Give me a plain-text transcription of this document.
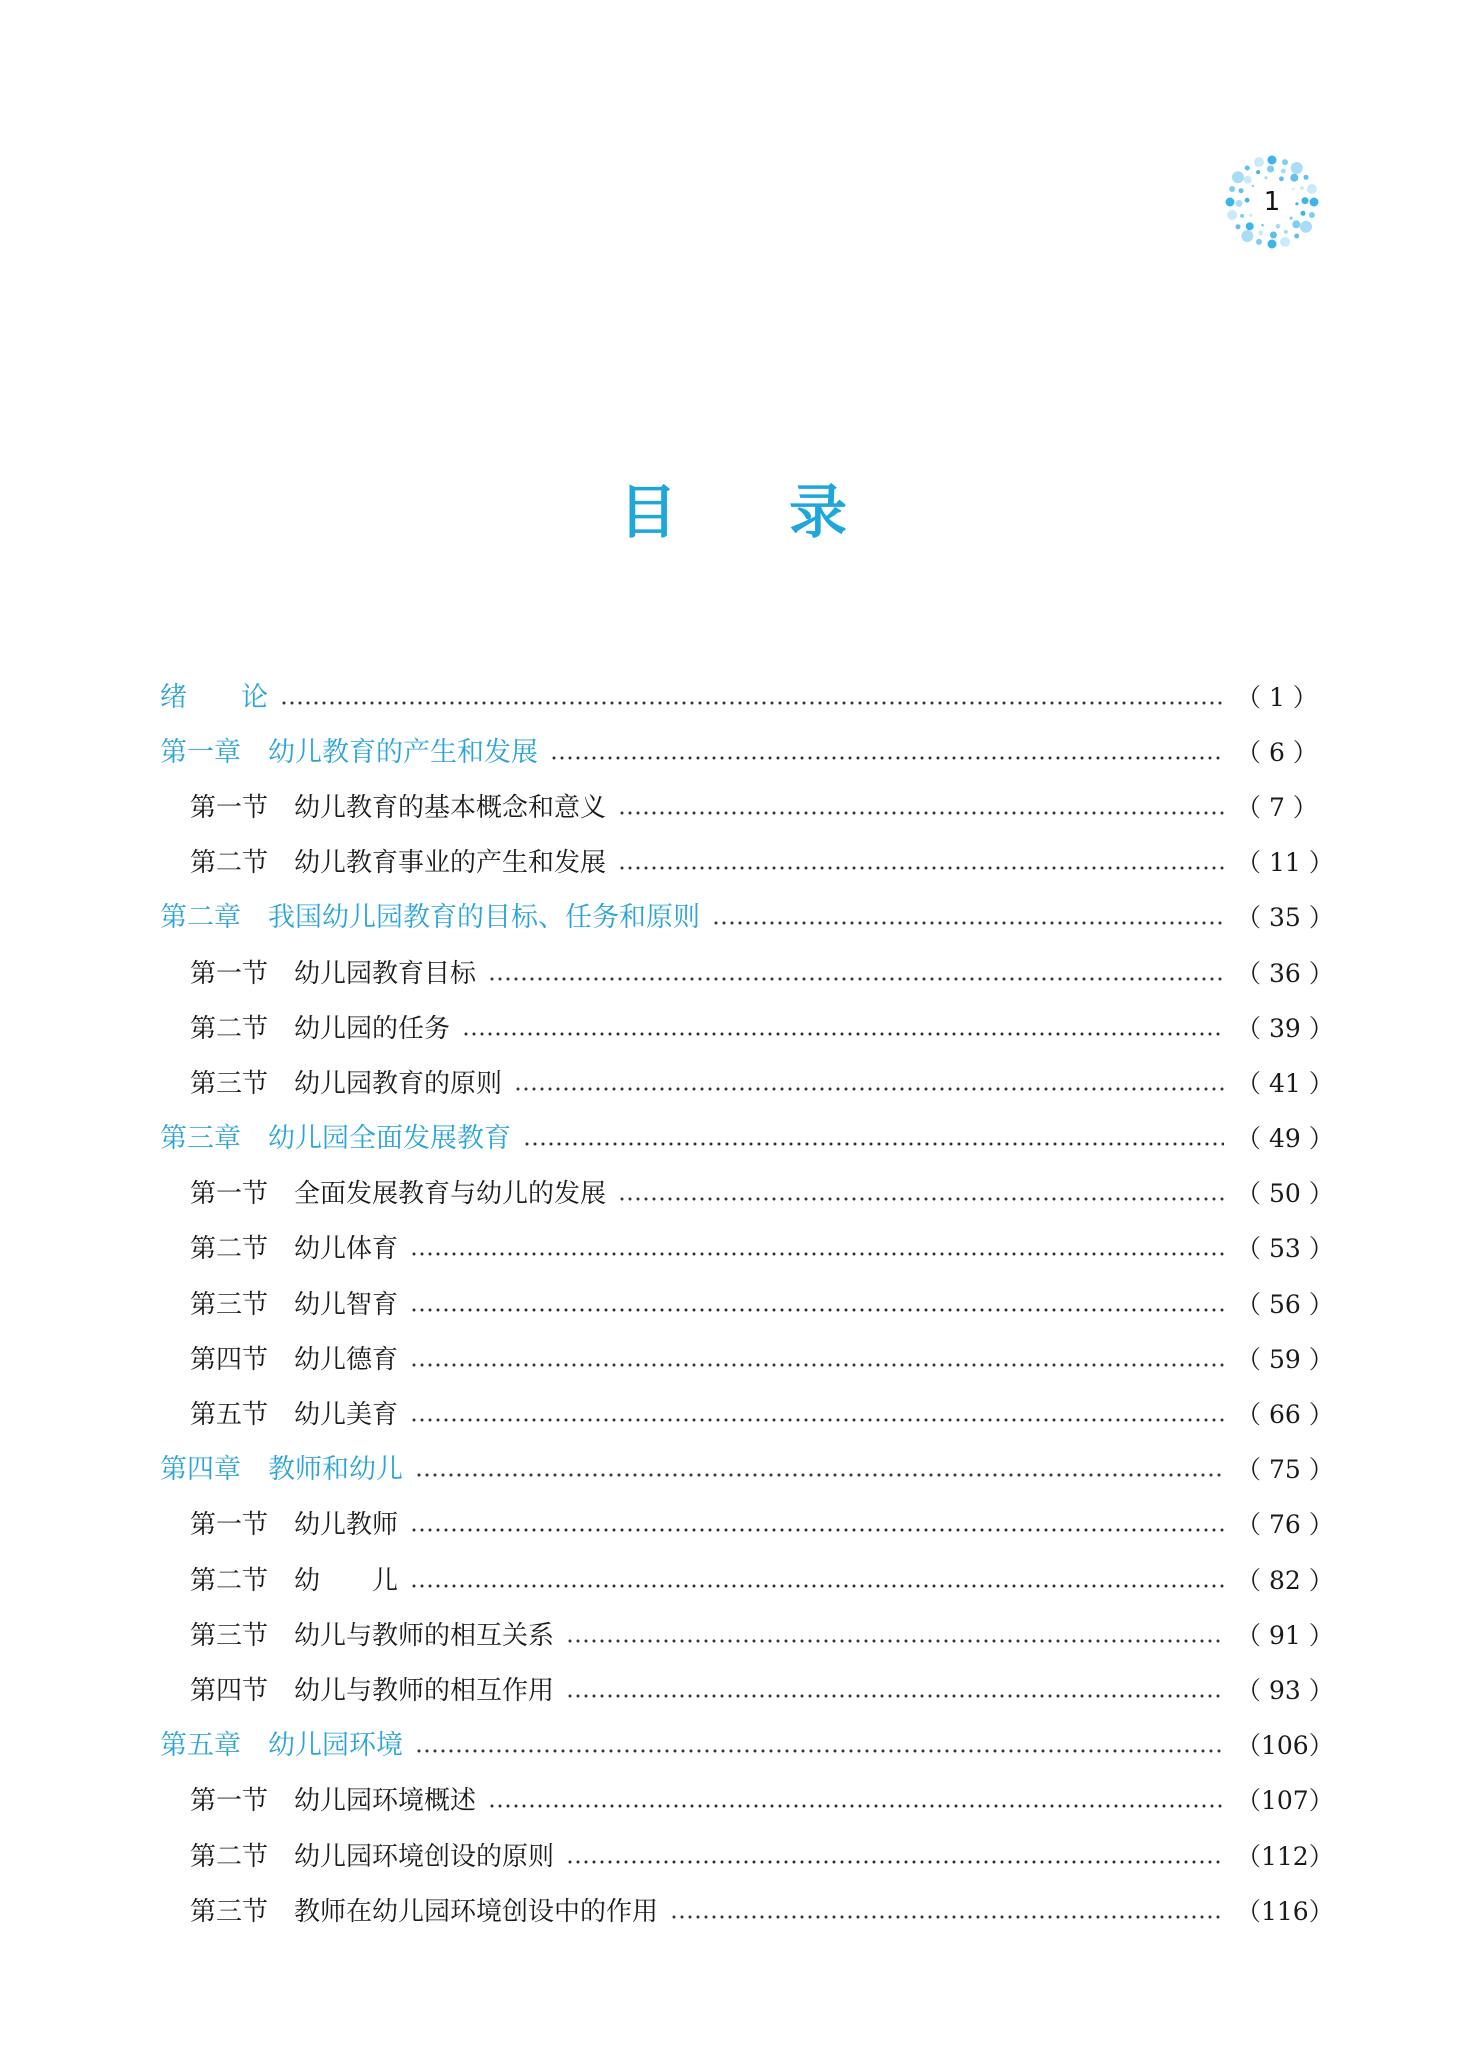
1
目 录
绪　　论	（ 1 ）
第一章　幼儿教育的产生和发展	（ 6 ）
第一节　幼儿教育的基本概念和意义	（ 7 ）
第二节　幼儿教育事业的产生和发展	（ 11 ）
第二章　我国幼儿园教育的目标、任务和原则	（ 35 ）
第一节　幼儿园教育目标	（ 36 ）
第二节　幼儿园的任务	（ 39 ）
第三节　幼儿园教育的原则	（ 41 ）
第三章　幼儿园全面发展教育	（ 49 ）
第一节　全面发展教育与幼儿的发展	（ 50 ）
第二节　幼儿体育	（ 53 ）
第三节　幼儿智育	（ 56 ）
第四节　幼儿德育	（ 59 ）
第五节　幼儿美育	（ 66 ）
第四章　教师和幼儿	（ 75 ）
第一节　幼儿教师	（ 76 ）
第二节　幼　　儿	（ 82 ）
第三节　幼儿与教师的相互关系	（ 91 ）
第四节　幼儿与教师的相互作用	（ 93 ）
第五章　幼儿园环境	（106）
第一节　幼儿园环境概述	（107）
第二节　幼儿园环境创设的原则	（112）
第三节　教师在幼儿园环境创设中的作用	（116）
